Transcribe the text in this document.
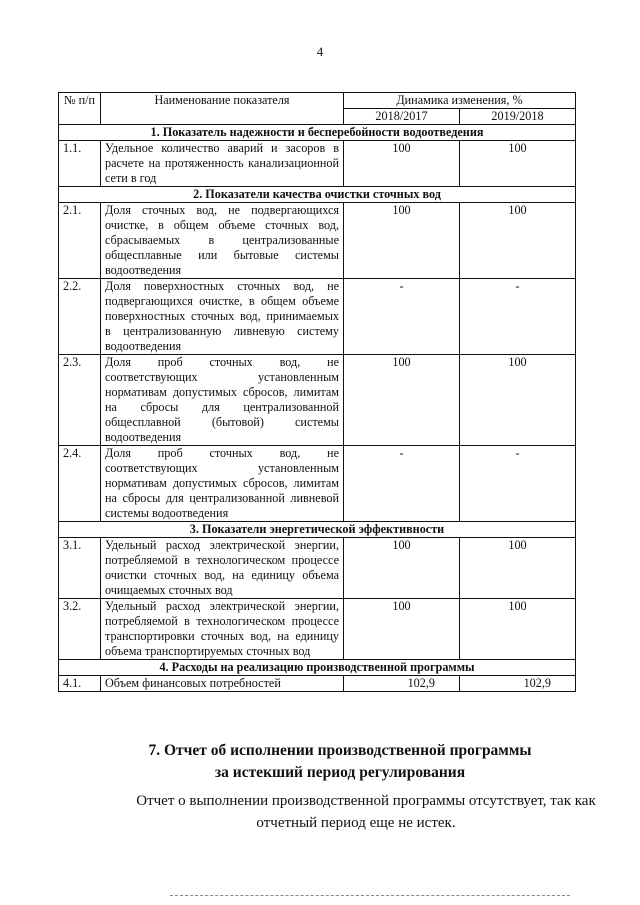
4
№ п/п	Наименование показателя	Динамика изменения, %	
		2018/2017	2019/2018
1. Показатель надежности и бесперебойности водоотведения			
1.1.	Удельное количество аварий и засоров в расчете на протяженность канализационной сети в год	100	100
2. Показатели качества очистки сточных вод			
2.1.	Доля сточных вод, не подвергающихся очистке, в общем объеме сточных вод, сбрасываемых в централизованные общесплавные или бытовые системы водоотведения	100	100
2.2.	Доля поверхностных сточных вод, не подвергающихся очистке, в общем объеме поверхностных сточных вод, принимаемых в централизованную ливневую систему водоотведения	-	-
2.3.	Доля проб сточных вод, не соответствующих установленным нормативам допустимых сбросов, лимитам на сбросы для централизованной общесплавной (бытовой) системы водоотведения	100	100
2.4.	Доля проб сточных вод, не соответствующих установленным нормативам допустимых сбросов, лимитам на сбросы для централизованной ливневой системы водоотведения	-	-
3. Показатели энергетической эффективности			
3.1.	Удельный расход электрической энергии, потребляемой в технологическом процессе очистки сточных вод, на единицу объема очищаемых сточных вод	100	100
3.2.	Удельный расход электрической энергии, потребляемой в технологическом процессе транспортировки сточных вод, на единицу объема транспортируемых сточных вод	100	100
4. Расходы на реализацию производственной программы			
4.1.	Объем финансовых потребностей	102,9	102,9
7. Отчет об исполнении производственной программы
за истекший период регулирования
Отчет о выполнении производственной программы отсутствует, так как отчетный период еще не истек.
